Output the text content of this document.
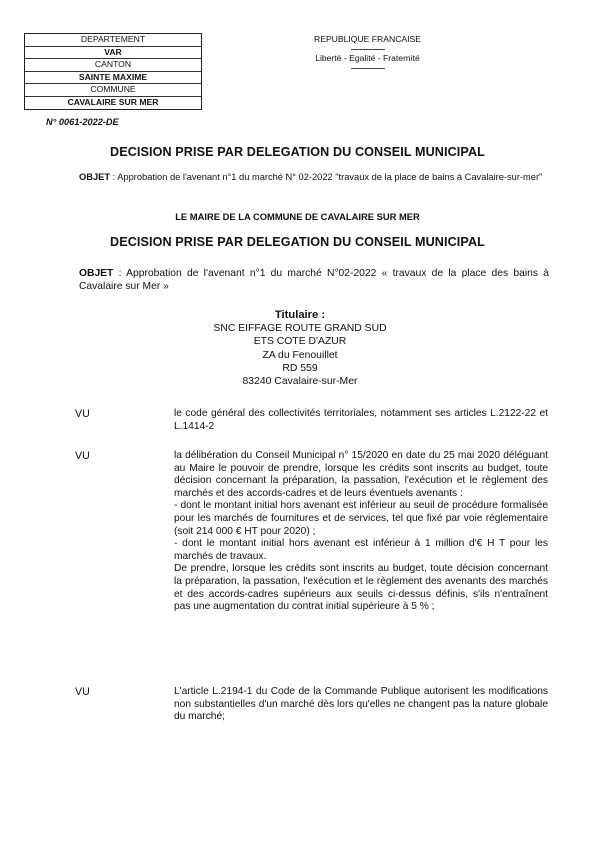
DEPARTEMENT
VAR
CANTON
SAINTE MAXIME
COMMUNE
CAVALAIRE SUR MER
REPUBLIQUE FRANCAISE
Liberté - Egalité - Fraternité
N° 0061-2022-DE
DECISION PRISE PAR DELEGATION DU CONSEIL MUNICIPAL
OBJET : Approbation de l'avenant n°1 du marché N° 02-2022 "travaux de la place de bains à Cavalaire-sur-mer"
LE MAIRE DE LA COMMUNE DE CAVALAIRE SUR MER
DECISION PRISE PAR DELEGATION DU CONSEIL MUNICIPAL
OBJET : Approbation de l'avenant n°1 du marché N°02-2022 « travaux de la place des bains à Cavalaire sur Mer »
Titulaire :
SNC EIFFAGE ROUTE GRAND SUD
ETS COTE D'AZUR
ZA du Fenouillet
RD 559
83240 Cavalaire-sur-Mer
VU	le code général des collectivités territoriales, notamment ses articles L.2122-22 et L.1414-2

VU	la délibération du Conseil Municipal n° 15/2020 en date du 25 mai 2020 déléguant au Maire le pouvoir de prendre, lorsque les crédits sont inscrits au budget, toute décision concernant la préparation, la passation, l'exécution et le règlement des marchés et des accords-cadres et de leurs éventuels avenants :

- dont le montant initial hors avenant est inférieur au seuil de procédure formalisée pour les marchés de fournitures et de services, tel que fixé par voie réglementaire (soit 214 000 € HT pour 2020) ;

- dont le montant initial hors avenant est inférieur à 1 million d'€ H T pour les marchés de travaux.

De prendre, lorsque les crédits sont inscrits au budget, toute décision concernant la préparation, la passation, l'exécution et le règlement des avenants des marchés et des accords-cadres supérieurs aux seuils ci-dessus définis, s'ils n'entraînent pas une augmentation du contrat initial supérieure à 5 % ;

VU	L'article L.2194-1 du Code de la Commande Publique autorisent les modifications non substantielles d'un marché dès lors qu'elles ne changent pas la nature globale du marché;
